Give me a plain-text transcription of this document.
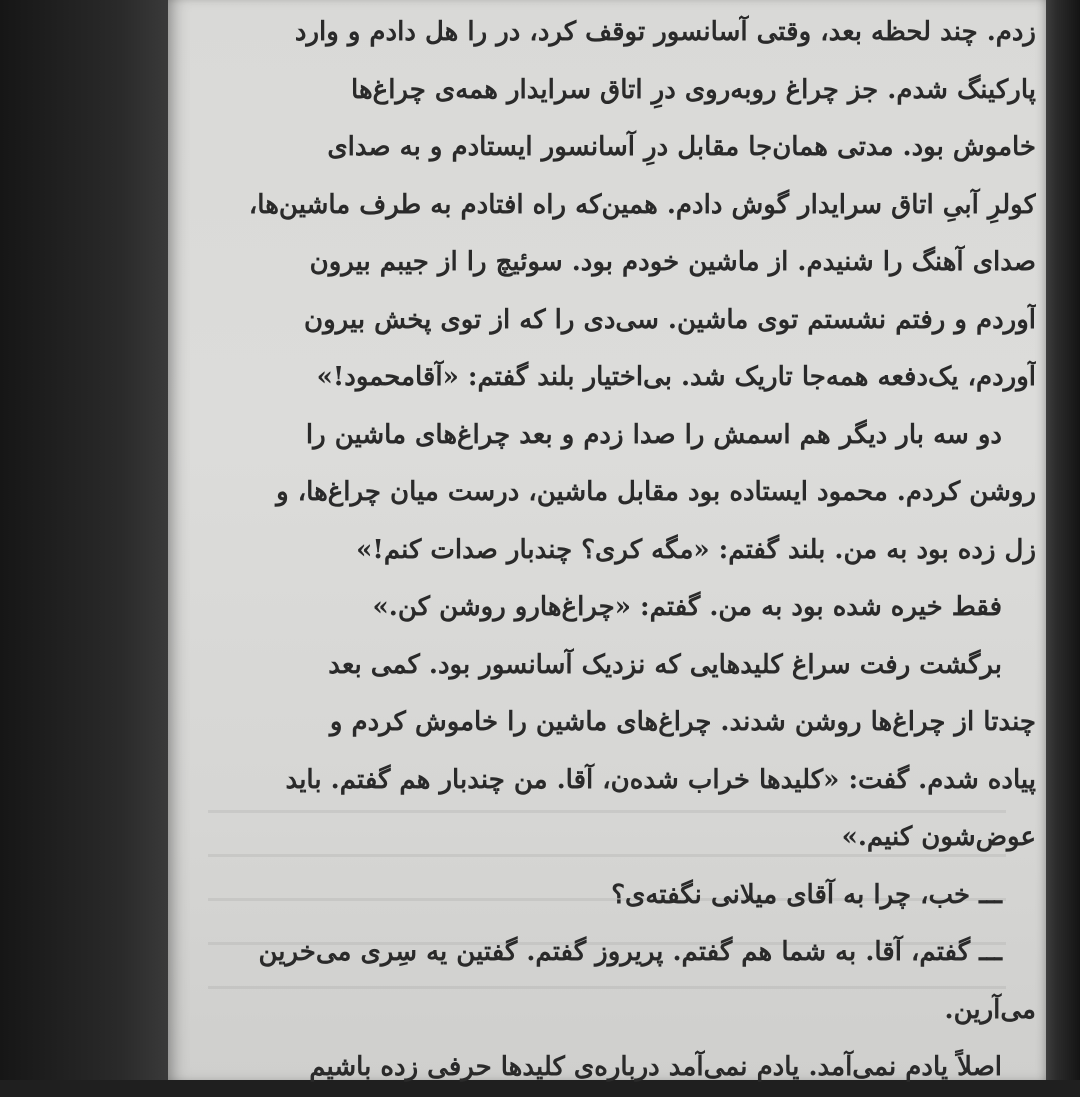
زدم. چند لحظه بعد، وقتی آسانسور توقف کرد، در را هل دادم و وارد
پارکینگ شدم. جز چراغ روبه‌روی درِ اتاق سرایدار همه‌ی چراغ‌ها
خاموش بود. مدتی همان‌جا مقابل درِ آسانسور ایستادم و به صدای
کولرِ آبیِ اتاق سرایدار گوش دادم. همین‌که راه افتادم به طرف ماشین‌ها،
صدای آهنگ را شنیدم. از ماشین خودم بود. سوئیچ را از جیبم بیرون
آوردم و رفتم نشستم توی ماشین. سی‌دی را که از توی پخش بیرون
آوردم، یک‌دفعه همه‌جا تاریک شد. بی‌اختیار بلند گفتم: «آقامحمود!»
دو سه بار دیگر هم اسمش را صدا زدم و بعد چراغ‌های ماشین را
روشن کردم. محمود ایستاده بود مقابل ماشین، درست میان چراغ‌ها، و
زل زده بود به من. بلند گفتم: «مگه کری؟ چندبار صدات کنم!»
فقط خیره شده بود به من. گفتم: «چراغ‌هارو روشن کن.»
برگشت رفت سراغ کلیدهایی که نزدیک آسانسور بود. کمی بعد
چندتا از چراغ‌ها روشن شدند. چراغ‌های ماشین را خاموش کردم و
پیاده شدم. گفت: «کلیدها خراب شده‌ن، آقا. من چندبار هم گفتم. باید
عوض‌شون کنیم.»
ـــ خب، چرا به آقای میلانی نگفته‌ی؟
ـــ گفتم، آقا. به شما هم گفتم. پریروز گفتم. گفتین یه سِری می‌خرین
می‌آرین.
اصلاً یادم نمی‌آمد. یادم نمی‌آمد درباره‌ی کلیدها حرفی زده باشیم
